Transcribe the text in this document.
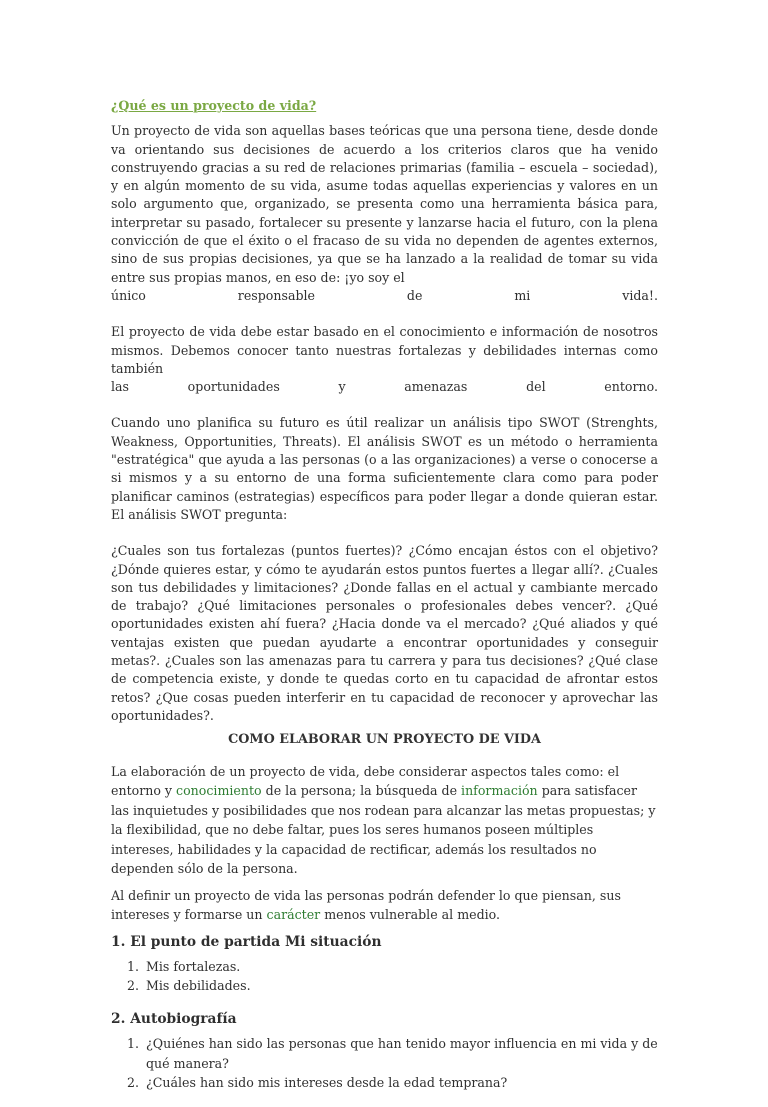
¿Qué es un proyecto de vida?

Un proyecto de vida son aquellas bases teóricas que una persona tiene, desde donde va orientando sus decisiones de acuerdo a los criterios claros que ha venido construyendo gracias a su red de relaciones primarias (familia – escuela – sociedad), y en algún momento de su vida, asume todas aquellas experiencias y valores en un solo argumento que, organizado, se presenta como una herramienta básica para, interpretar su pasado, fortalecer su presente y lanzarse hacia el futuro, con la plena convicción de que el éxito o el fracaso de su vida no dependen de agentes externos, sino de sus propias decisiones, ya que se ha lanzado a la realidad de tomar su vida entre sus propias manos, en eso de: ¡yo soy el

único responsable de mi vida!.

El proyecto de vida debe estar basado en el conocimiento e información de nosotros mismos. Debemos conocer tanto nuestras fortalezas y debilidades internas como también

las oportunidades y amenazas del entorno.

Cuando uno planifica su futuro es útil realizar un análisis tipo SWOT (Strenghts, Weakness, Opportunities, Threats). El análisis SWOT es un método o herramienta "estratégica" que ayuda a las personas (o a las organizaciones) a verse o conocerse a si mismos y a su entorno de una forma suficientemente clara como para poder planificar caminos (estrategias) específicos para poder llegar a donde quieran estar. El análisis SWOT pregunta:

¿Cuales son tus fortalezas (puntos fuertes)? ¿Cómo encajan éstos con el objetivo? ¿Dónde quieres estar, y cómo te ayudarán estos puntos fuertes a llegar allí?. ¿Cuales son tus debilidades y limitaciones? ¿Donde fallas en el actual y cambiante mercado de trabajo? ¿Qué limitaciones personales o profesionales debes vencer?. ¿Qué oportunidades existen ahí fuera? ¿Hacia donde va el mercado? ¿Qué aliados y qué ventajas existen que puedan ayudarte a encontrar oportunidades y conseguir metas?. ¿Cuales son las amenazas para tu carrera y para tus decisiones? ¿Qué clase de competencia existe, y donde te quedas corto en tu capacidad de afrontar estos retos? ¿Que cosas pueden interferir en tu capacidad de reconocer y aprovechar las oportunidades?.

COMO ELABORAR UN PROYECTO DE VIDA

La elaboración de un proyecto de vida, debe considerar aspectos tales como: el entorno y conocimiento de la persona; la búsqueda de información para satisfacer las inquietudes y posibilidades que nos rodean para alcanzar las metas propuestas; y la flexibilidad, que no debe faltar, pues los seres humanos poseen múltiples intereses, habilidades y la capacidad de rectificar, además los resultados no dependen sólo de la persona.

Al definir un proyecto de vida las personas podrán defender lo que piensan, sus intereses y formarse un carácter menos vulnerable al medio.

1. El punto de partida Mi situación
1. Mis fortalezas.
2. Mis debilidades.
2. Autobiografía
1. ¿Quiénes han sido las personas que han tenido mayor influencia en mi vida y de qué manera?
2. ¿Cuáles han sido mis intereses desde la edad temprana?
